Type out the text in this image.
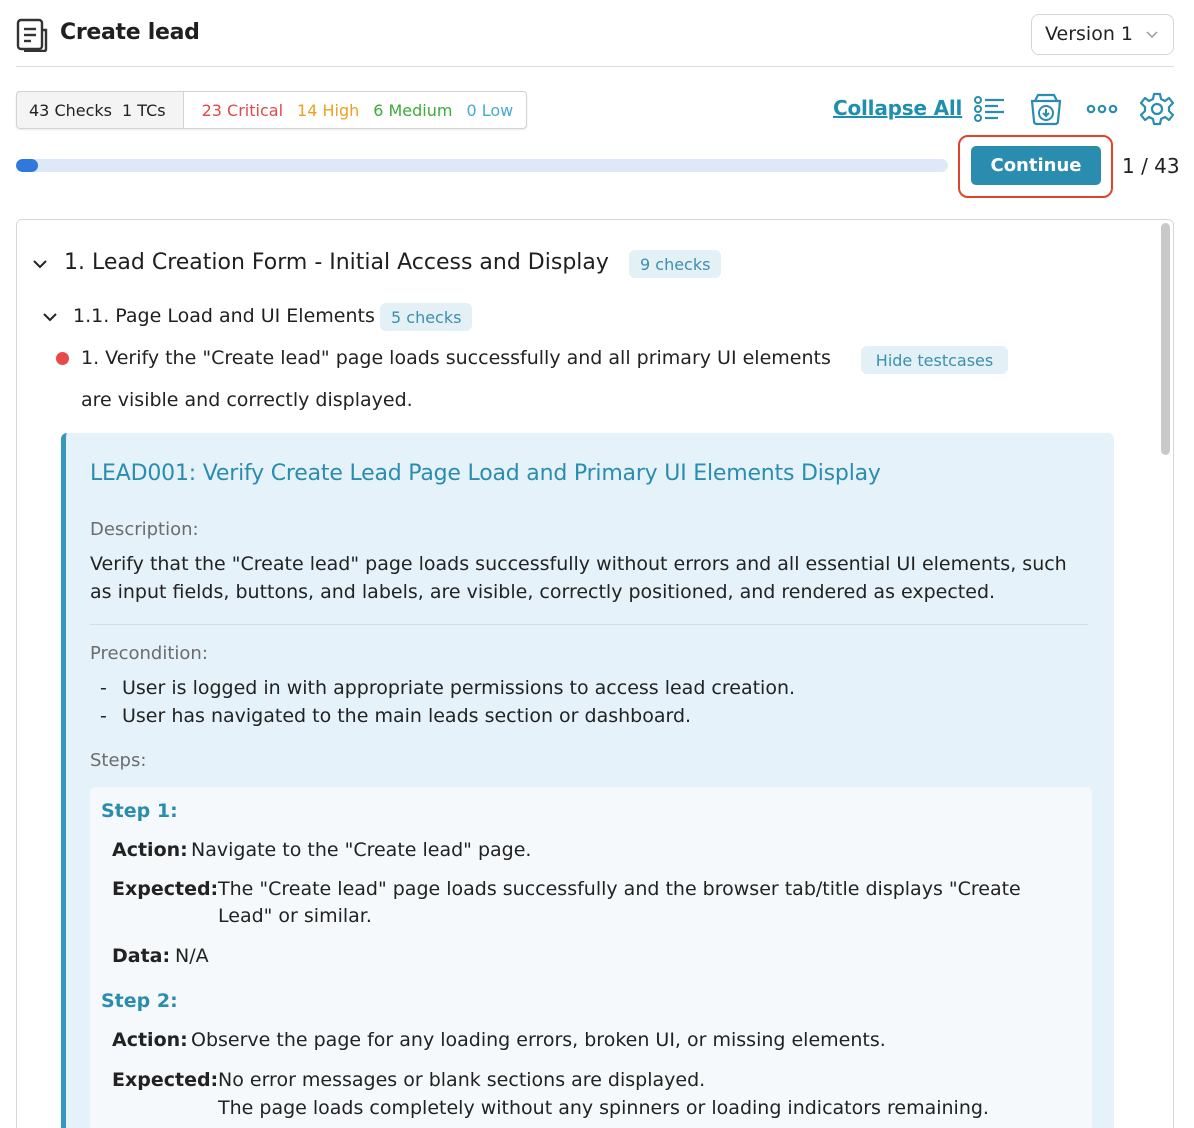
Create lead	Version 1
43 Checks 1 TCs 23 Critical 14 High 6 Medium 0 Low	Collapse All
Continue	1 / 43
1. Lead Creation Form - Initial Access and Display	9 checks
1.1. Page Load and UI Elements	5 checks
1. Verify the "Create lead" page loads successfully and all primary UI elements are visible and correctly displayed.
Hide testcases
LEAD001: Verify Create Lead Page Load and Primary UI Elements Display
Description:
Verify that the "Create lead" page loads successfully without errors and all essential UI elements, such as input fields, buttons, and labels, are visible, correctly positioned, and rendered as expected.
Precondition:
- User is logged in with appropriate permissions to access lead creation.
- User has navigated to the main leads section or dashboard.
Steps:
Step 1:
Action: Navigate to the "Create lead" page.
Expected: The "Create lead" page loads successfully and the browser tab/title displays "Create Lead" or similar.
Data: N/A
Step 2:
Action: Observe the page for any loading errors, broken UI, or missing elements.
Expected: No error messages or blank sections are displayed.
The page loads completely without any spinners or loading indicators remaining.
